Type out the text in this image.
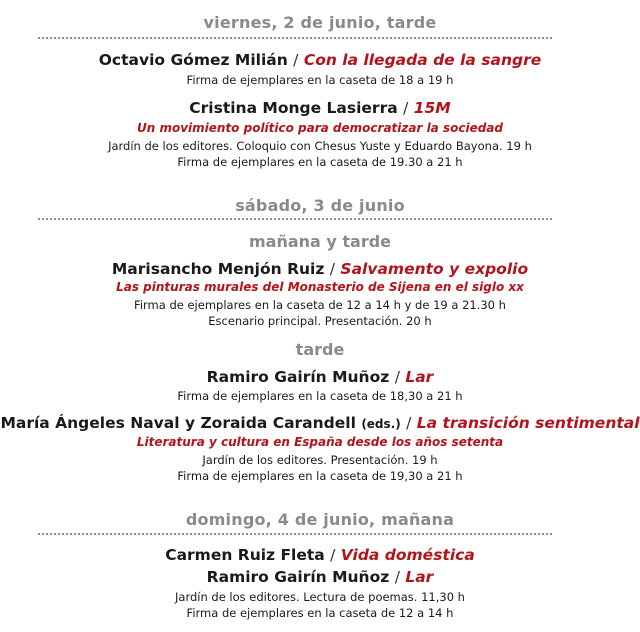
viernes, 2 de junio, tarde
Octavio Gómez Milián / Con la llegada de la sangre
Firma de ejemplares en la caseta de 18 a 19 h
Cristina Monge Lasierra / 15M
Un movimiento político para democratizar la sociedad
Jardín de los editores. Coloquio con Chesus Yuste y Eduardo Bayona. 19 h
Firma de ejemplares en la caseta de 19.30 a 21 h
sábado, 3 de junio
mañana y tarde
Marisancho Menjón Ruiz / Salvamento y expolio
Las pinturas murales del Monasterio de Sijena en el siglo xx
Firma de ejemplares en la caseta de 12 a 14 h y de 19 a 21.30 h
Escenario principal. Presentación. 20 h
tarde
Ramiro Gairín Muñoz / Lar
Firma de ejemplares en la caseta de 18,30 a 21 h
María Ángeles Naval y Zoraida Carandell (eds.) / La transición sentimental
Literatura y cultura en España desde los años setenta
Jardín de los editores. Presentación. 19 h
Firma de ejemplares en la caseta de 19,30 a 21 h
domingo, 4 de junio, mañana
Carmen Ruiz Fleta / Vida doméstica
Ramiro Gairín Muñoz / Lar
Jardín de los editores. Lectura de poemas. 11,30 h
Firma de ejemplares en la caseta de 12 a 14 h
